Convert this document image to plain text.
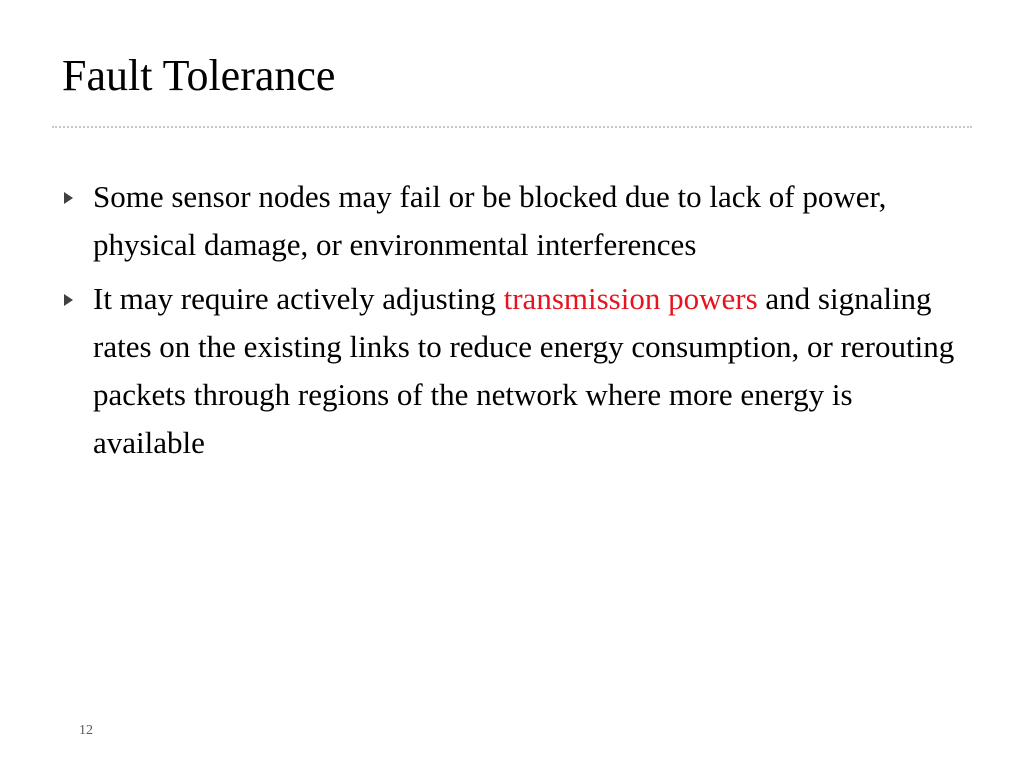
Fault Tolerance
Some sensor nodes may fail or be blocked due to lack of power, physical damage, or environmental interferences
It may require actively adjusting transmission powers and signaling rates on the existing links to reduce energy consumption, or rerouting packets through regions of the network where more energy is available
12
